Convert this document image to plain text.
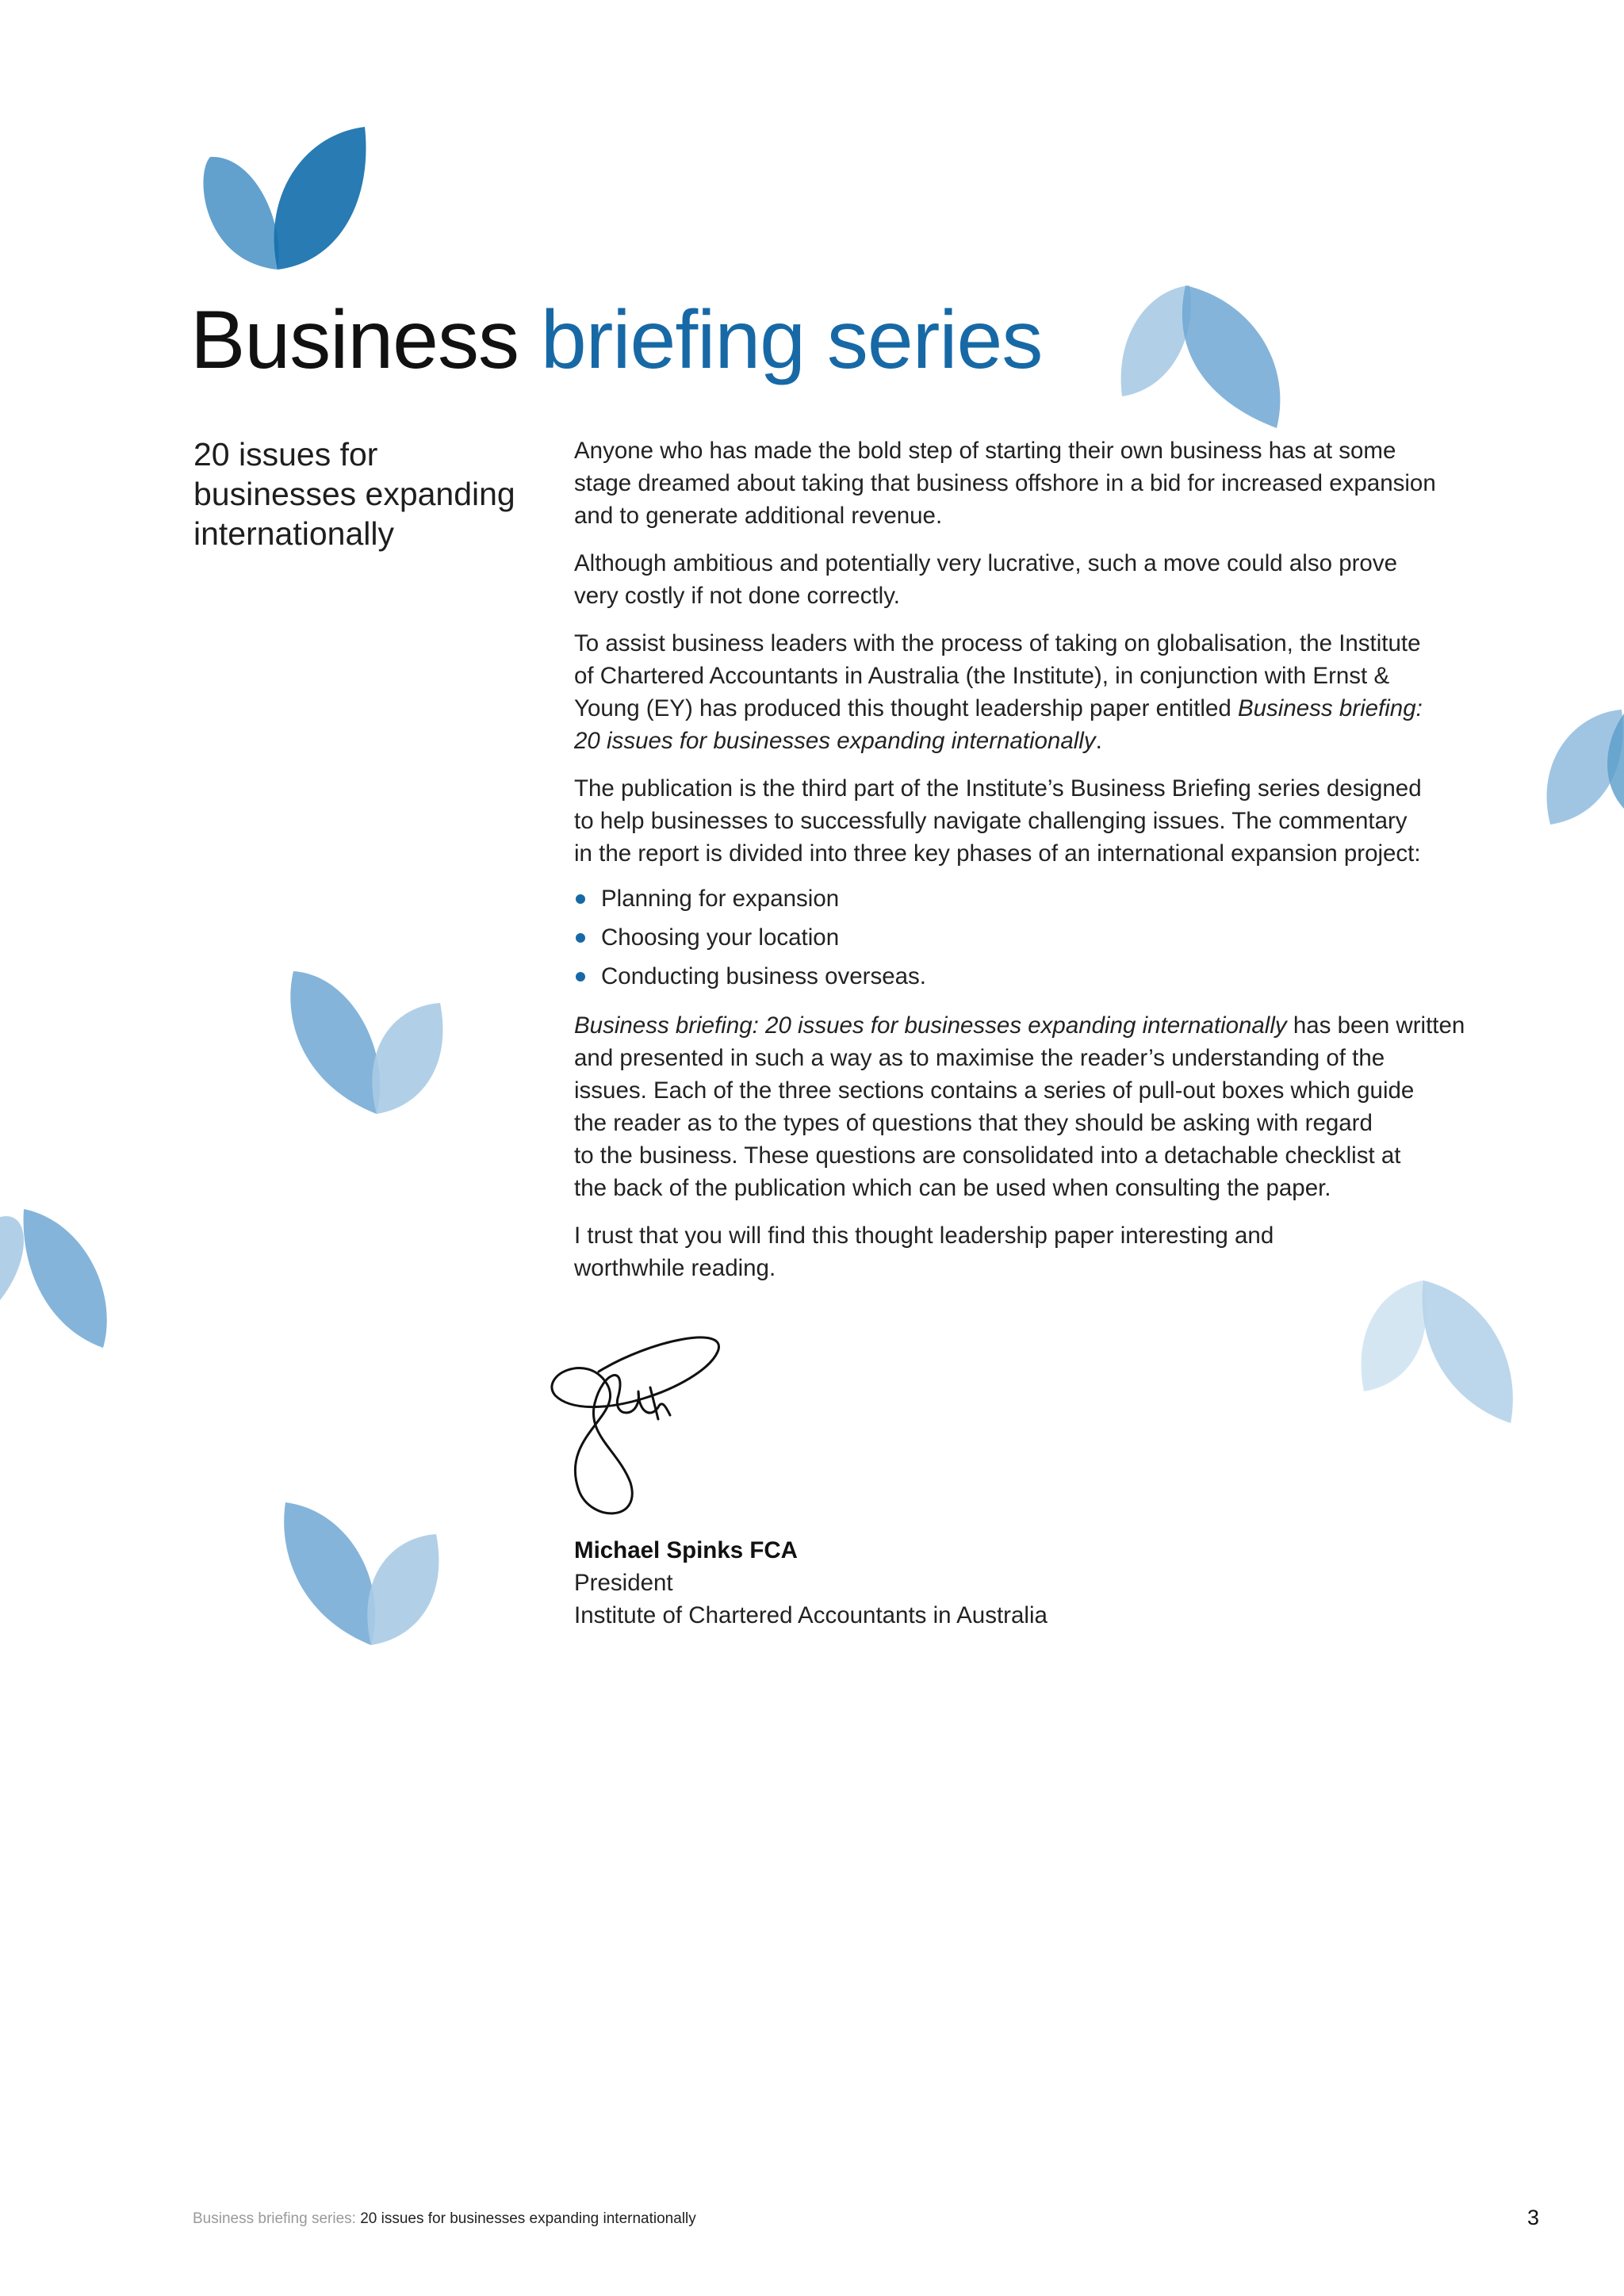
Business briefing series
20 issues for
businesses expanding
internationally

Anyone who has made the bold step of starting their own business has at some
stage dreamed about taking that business offshore in a bid for increased expansion
and to generate additional revenue.

Although ambitious and potentially very lucrative, such a move could also prove
very costly if not done correctly.

To assist business leaders with the process of taking on globalisation, the Institute
of Chartered Accountants in Australia (the Institute), in conjunction with Ernst &
Young (EY) has produced this thought leadership paper entitled Business briefing:
20 issues for businesses expanding internationally.

The publication is the third part of the Institute’s Business Briefing series designed
to help businesses to successfully navigate challenging issues. The commentary
in the report is divided into three key phases of an international expansion project:

Planning for expansion
Choosing your location
Conducting business overseas.

Business briefing: 20 issues for businesses expanding internationally has been written
and presented in such a way as to maximise the reader’s understanding of the
issues. Each of the three sections contains a series of pull-out boxes which guide
the reader as to the types of questions that they should be asking with regard
to the business. These questions are consolidated into a detachable checklist at
the back of the publication which can be used when consulting the paper.

I trust that you will find this thought leadership paper interesting and
worthwhile reading.

Michael Spinks FCA
President
Institute of Chartered Accountants in Australia
Business briefing series: 20 issues for businesses expanding internationally	3
